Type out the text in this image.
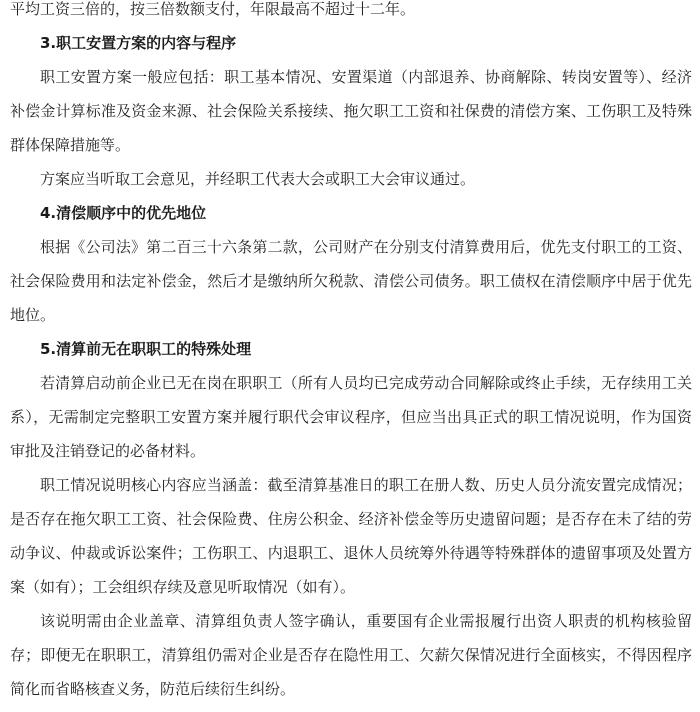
平均工资三倍的，按三倍数额支付，年限最高不超过十二年。

3.职工安置方案的内容与程序

职工安置方案一般应包括：职工基本情况、安置渠道（内部退养、协商解除、转岗安置等）、经济补偿金计算标准及资金来源、社会保险关系接续、拖欠职工工资和社保费的清偿方案、工伤职工及特殊群体保障措施等。

方案应当听取工会意见，并经职工代表大会或职工大会审议通过。

4.清偿顺序中的优先地位

根据《公司法》第二百三十六条第二款，公司财产在分别支付清算费用后，优先支付职工的工资、社会保险费用和法定补偿金，然后才是缴纳所欠税款、清偿公司债务。职工债权在清偿顺序中居于优先地位。

5.清算前无在职职工的特殊处理

若清算启动前企业已无在岗在职职工（所有人员均已完成劳动合同解除或终止手续，无存续用工关系），无需制定完整职工安置方案并履行职代会审议程序，但应当出具正式的职工情况说明，作为国资审批及注销登记的必备材料。

职工情况说明核心内容应当涵盖：截至清算基准日的职工在册人数、历史人员分流安置完成情况；是否存在拖欠职工工资、社会保险费、住房公积金、经济补偿金等历史遗留问题；是否存在未了结的劳动争议、仲裁或诉讼案件；工伤职工、内退职工、退休人员统筹外待遇等特殊群体的遗留事项及处置方案（如有）；工会组织存续及意见听取情况（如有）。

该说明需由企业盖章、清算组负责人签字确认，重要国有企业需报履行出资人职责的机构核验留存；即便无在职职工，清算组仍需对企业是否存在隐性用工、欠薪欠保情况进行全面核实，不得因程序简化而省略核查义务，防范后续衍生纠纷。
